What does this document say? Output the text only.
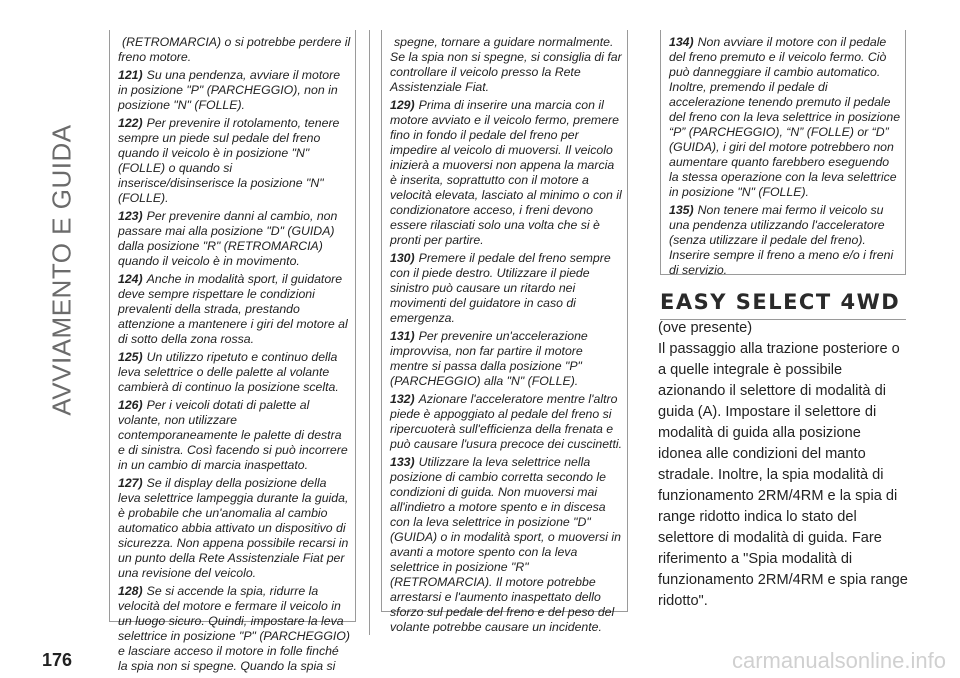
AVVIAMENTO E GUIDA

(RETROMARCIA) o si potrebbe perdere il freno motore.

121) Su una pendenza, avviare il motore in posizione "P" (PARCHEGGIO), non in posizione "N" (FOLLE).

122) Per prevenire il rotolamento, tenere sempre un piede sul pedale del freno quando il veicolo è in posizione "N" (FOLLE) o quando si inserisce/disinserisce la posizione "N" (FOLLE).

123) Per prevenire danni al cambio, non passare mai alla posizione "D" (GUIDA) dalla posizione "R" (RETROMARCIA) quando il veicolo è in movimento.

124) Anche in modalità sport, il guidatore deve sempre rispettare le condizioni prevalenti della strada, prestando attenzione a mantenere i giri del motore al di sotto della zona rossa.

125) Un utilizzo ripetuto e continuo della leva selettrice o delle palette al volante cambierà di continuo la posizione scelta.

126) Per i veicoli dotati di palette al volante, non utilizzare contemporaneamente le palette di destra e di sinistra. Così facendo si può incorrere in un cambio di marcia inaspettato.

127) Se il display della posizione della leva selettrice lampeggia durante la guida, è probabile che un'anomalia al cambio automatico abbia attivato un dispositivo di sicurezza. Non appena possibile recarsi in un punto della Rete Assistenziale Fiat per una revisione del veicolo.

128) Se si accende la spia, ridurre la velocità del motore e fermare il veicolo in un luogo sicuro. Quindi, impostare la leva selettrice in posizione "P" (PARCHEGGIO) e lasciare acceso il motore in folle finché la spia non si spegne. Quando la spia si

spegne, tornare a guidare normalmente. Se la spia non si spegne, si consiglia di far controllare il veicolo presso la Rete Assistenziale Fiat.

129) Prima di inserire una marcia con il motore avviato e il veicolo fermo, premere fino in fondo il pedale del freno per impedire al veicolo di muoversi. Il veicolo inizierà a muoversi non appena la marcia è inserita, soprattutto con il motore a velocità elevata, lasciato al minimo o con il condizionatore acceso, i freni devono essere rilasciati solo una volta che si è pronti per partire.

130) Premere il pedale del freno sempre con il piede destro. Utilizzare il piede sinistro può causare un ritardo nei movimenti del guidatore in caso di emergenza.

131) Per prevenire un'accelerazione improvvisa, non far partire il motore mentre si passa dalla posizione "P" (PARCHEGGIO) alla "N" (FOLLE).

132) Azionare l'acceleratore mentre l'altro piede è appoggiato al pedale del freno si ripercuoterà sull'efficienza della frenata e può causare l'usura precoce dei cuscinetti.

133) Utilizzare la leva selettrice nella posizione di cambio corretta secondo le condizioni di guida. Non muoversi mai all'indietro a motore spento e in discesa con la leva selettrice in posizione "D" (GUIDA) o in modalità sport, o muoversi in avanti a motore spento con la leva selettrice in posizione "R" (RETROMARCIA). Il motore potrebbe arrestarsi e l'aumento inaspettato dello sforzo sul pedale del freno e del peso del volante potrebbe causare un incidente.

134) Non avviare il motore con il pedale del freno premuto e il veicolo fermo. Ciò può danneggiare il cambio automatico. Inoltre, premendo il pedale di accelerazione tenendo premuto il pedale del freno con la leva selettrice in posizione “P” (PARCHEGGIO), “N” (FOLLE) or “D” (GUIDA), i giri del motore potrebbero non aumentare quanto farebbero eseguendo la stessa operazione con la leva selettrice in posizione "N" (FOLLE).

135) Non tenere mai fermo il veicolo su una pendenza utilizzando l'acceleratore (senza utilizzare il pedale del freno). Inserire sempre il freno a meno e/o i freni di servizio.

EASY SELECT 4WD

(ove presente)

Il passaggio alla trazione posteriore o a quelle integrale è possibile azionando il selettore di modalità di guida (A). Impostare il selettore di modalità di guida alla posizione idonea alle condizioni del manto stradale. Inoltre, la spia modalità di funzionamento 2RM/4RM e la spia di range ridotto indica lo stato del selettore di modalità di guida. Fare riferimento a "Spia modalità di funzionamento 2RM/4RM e spia range ridotto".

176	carmanualsonline.info
